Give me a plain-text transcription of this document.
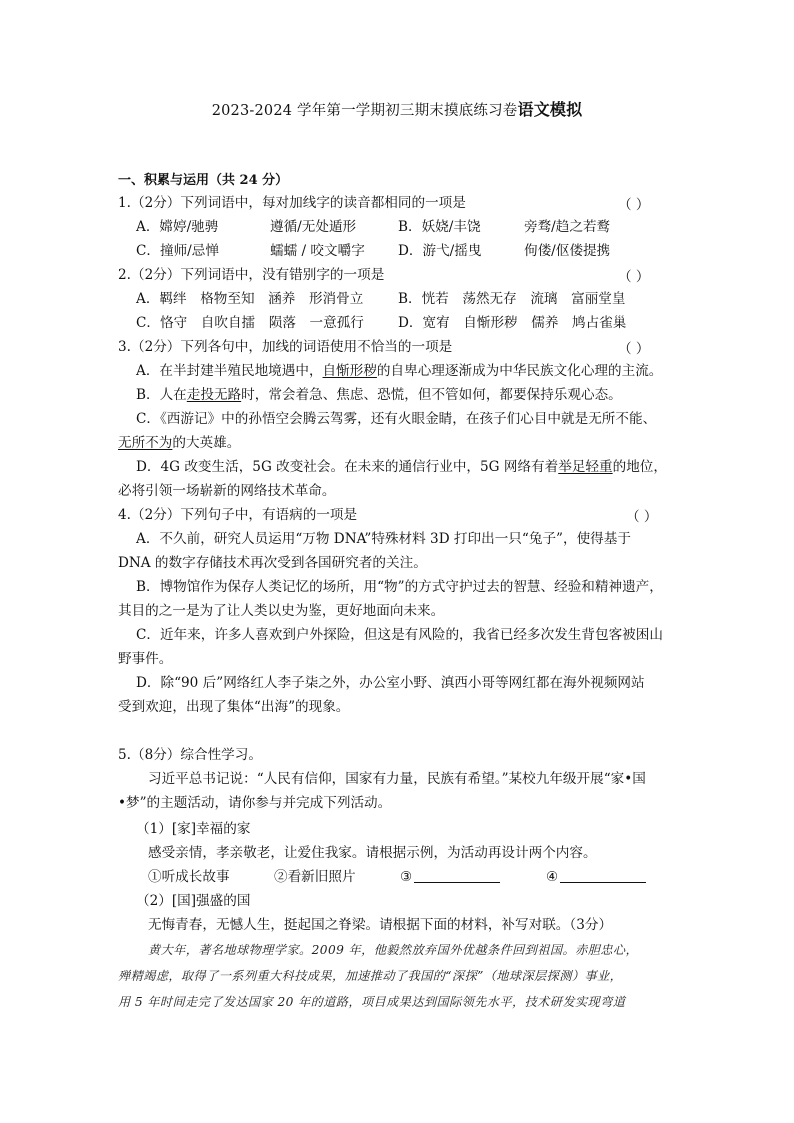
2023-2024 学年第一学期初三期末摸底练习卷语文模拟
一、积累与运用（共 24 分）
1.（2分）下列词语中，每对加线字的读音都相同的一项是	（ ）
A．嫦婷/驰骋	遵循/无处遁形	B．妖娆/丰饶	旁骛/趋之若鹜
C．撞师/忌惮	蠕蠕 / 咬文嚼字 D．游弋/摇曳	佝偻/伛偻提携
2.（2分）下列词语中，没有错别字的一项是	（ ）
A．羁绊　格物至知　涵养　形消骨立	B．恍若　荡然无存　流璃　富丽堂皇
C．恪守　自吹自擂　陨落　一意孤行	D．宽宥　自惭形秽　儒养　鸠占雀巢
3.（2分）下列各句中，加线的词语使用不恰当的一项是	（ ）
A．在半封建半殖民地境遇中，自惭形秽的自卑心理逐渐成为中华民族文化心理的主流。
B．人在走投无路时，常会着急、焦虑、恐慌，但不管如何，都要保持乐观心态。
C．《西游记》中的孙悟空会腾云驾雾，还有火眼金睛，在孩子们心目中就是无所不能、
无所不为的大英雄。
D．4G 改变生活，5G 改变社会。在未来的通信行业中，5G 网络有着举足轻重的地位，
必将引领一场崭新的网络技术革命。
4.（2分）下列句子中，有语病的一项是	（ ）
A．不久前，研究人员运用“万物 DNA”特殊材料 3D 打印出一只“兔子”，使得基于
DNA 的数字存储技术再次受到各国研究者的关注。
B．博物馆作为保存人类记忆的场所，用“物”的方式守护过去的智慧、经验和精神遗产，
其目的之一是为了让人类以史为鉴，更好地面向未来。
C．近年来，许多人喜欢到户外探险，但这是有风险的，我省已经多次发生背包客被困山
野事件。
D．除“90 后”网络红人李子柒之外，办公室小野、滇西小哥等网红都在海外视频网站
受到欢迎，出现了集体“出海”的现象。
5.（8分）综合性学习。
习近平总书记说：“人民有信仰，国家有力量，民族有希望。”某校九年级开展“家•国
•梦”的主题活动，请你参与并完成下列活动。
（1）[家]幸福的家
感受亲情，孝亲敬老，让爱住我家。请根据示例，为活动再设计两个内容。
①听成长故事	②看新旧照片	③	④
（2）[国]强盛的国
无悔青春，无憾人生，挺起国之脊梁。请根据下面的材料，补写对联。（3分）
黄大年，著名地球物理学家。2009 年，他毅然放弃国外优越条件回到祖国。赤胆忠心，
殚精竭虑，取得了一系列重大科技成果，加速推动了我国的“深探”（地球深层探测）事业，
用 5 年时间走完了发达国家 20 年的道路，项目成果达到国际领先水平，技术研发实现弯道
